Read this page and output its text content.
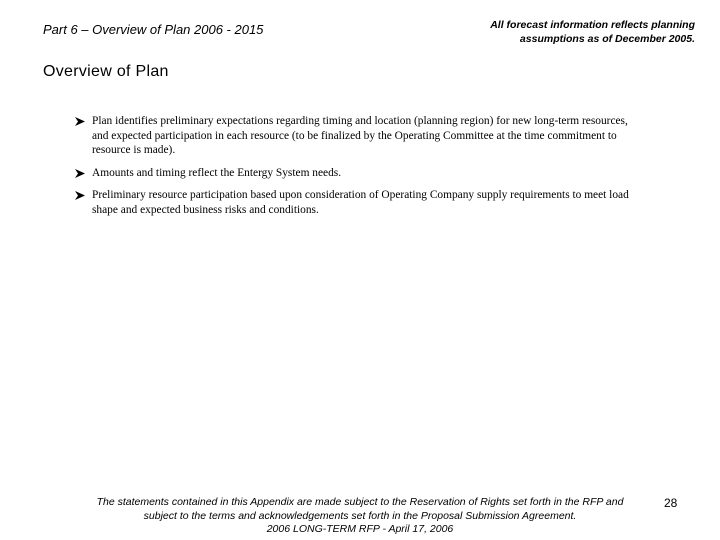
Part 6 – Overview of Plan 2006 - 2015	All forecast information reflects planning
assumptions as of December 2005.
Overview of Plan
Plan identifies preliminary expectations regarding timing and location (planning region) for new long-term resources, and expected participation in each resource (to be finalized by the Operating Committee at the time commitment to resource is made).
Amounts and timing reflect the Entergy System needs.
Preliminary resource participation based upon consideration of Operating Company supply requirements to meet load shape and expected business risks and conditions.
The statements contained in this Appendix are made subject to the Reservation of Rights set forth in the RFP and
subject to the terms and acknowledgements set forth in the Proposal Submission Agreement.
2006 LONG-TERM RFP - April 17, 2006
28
